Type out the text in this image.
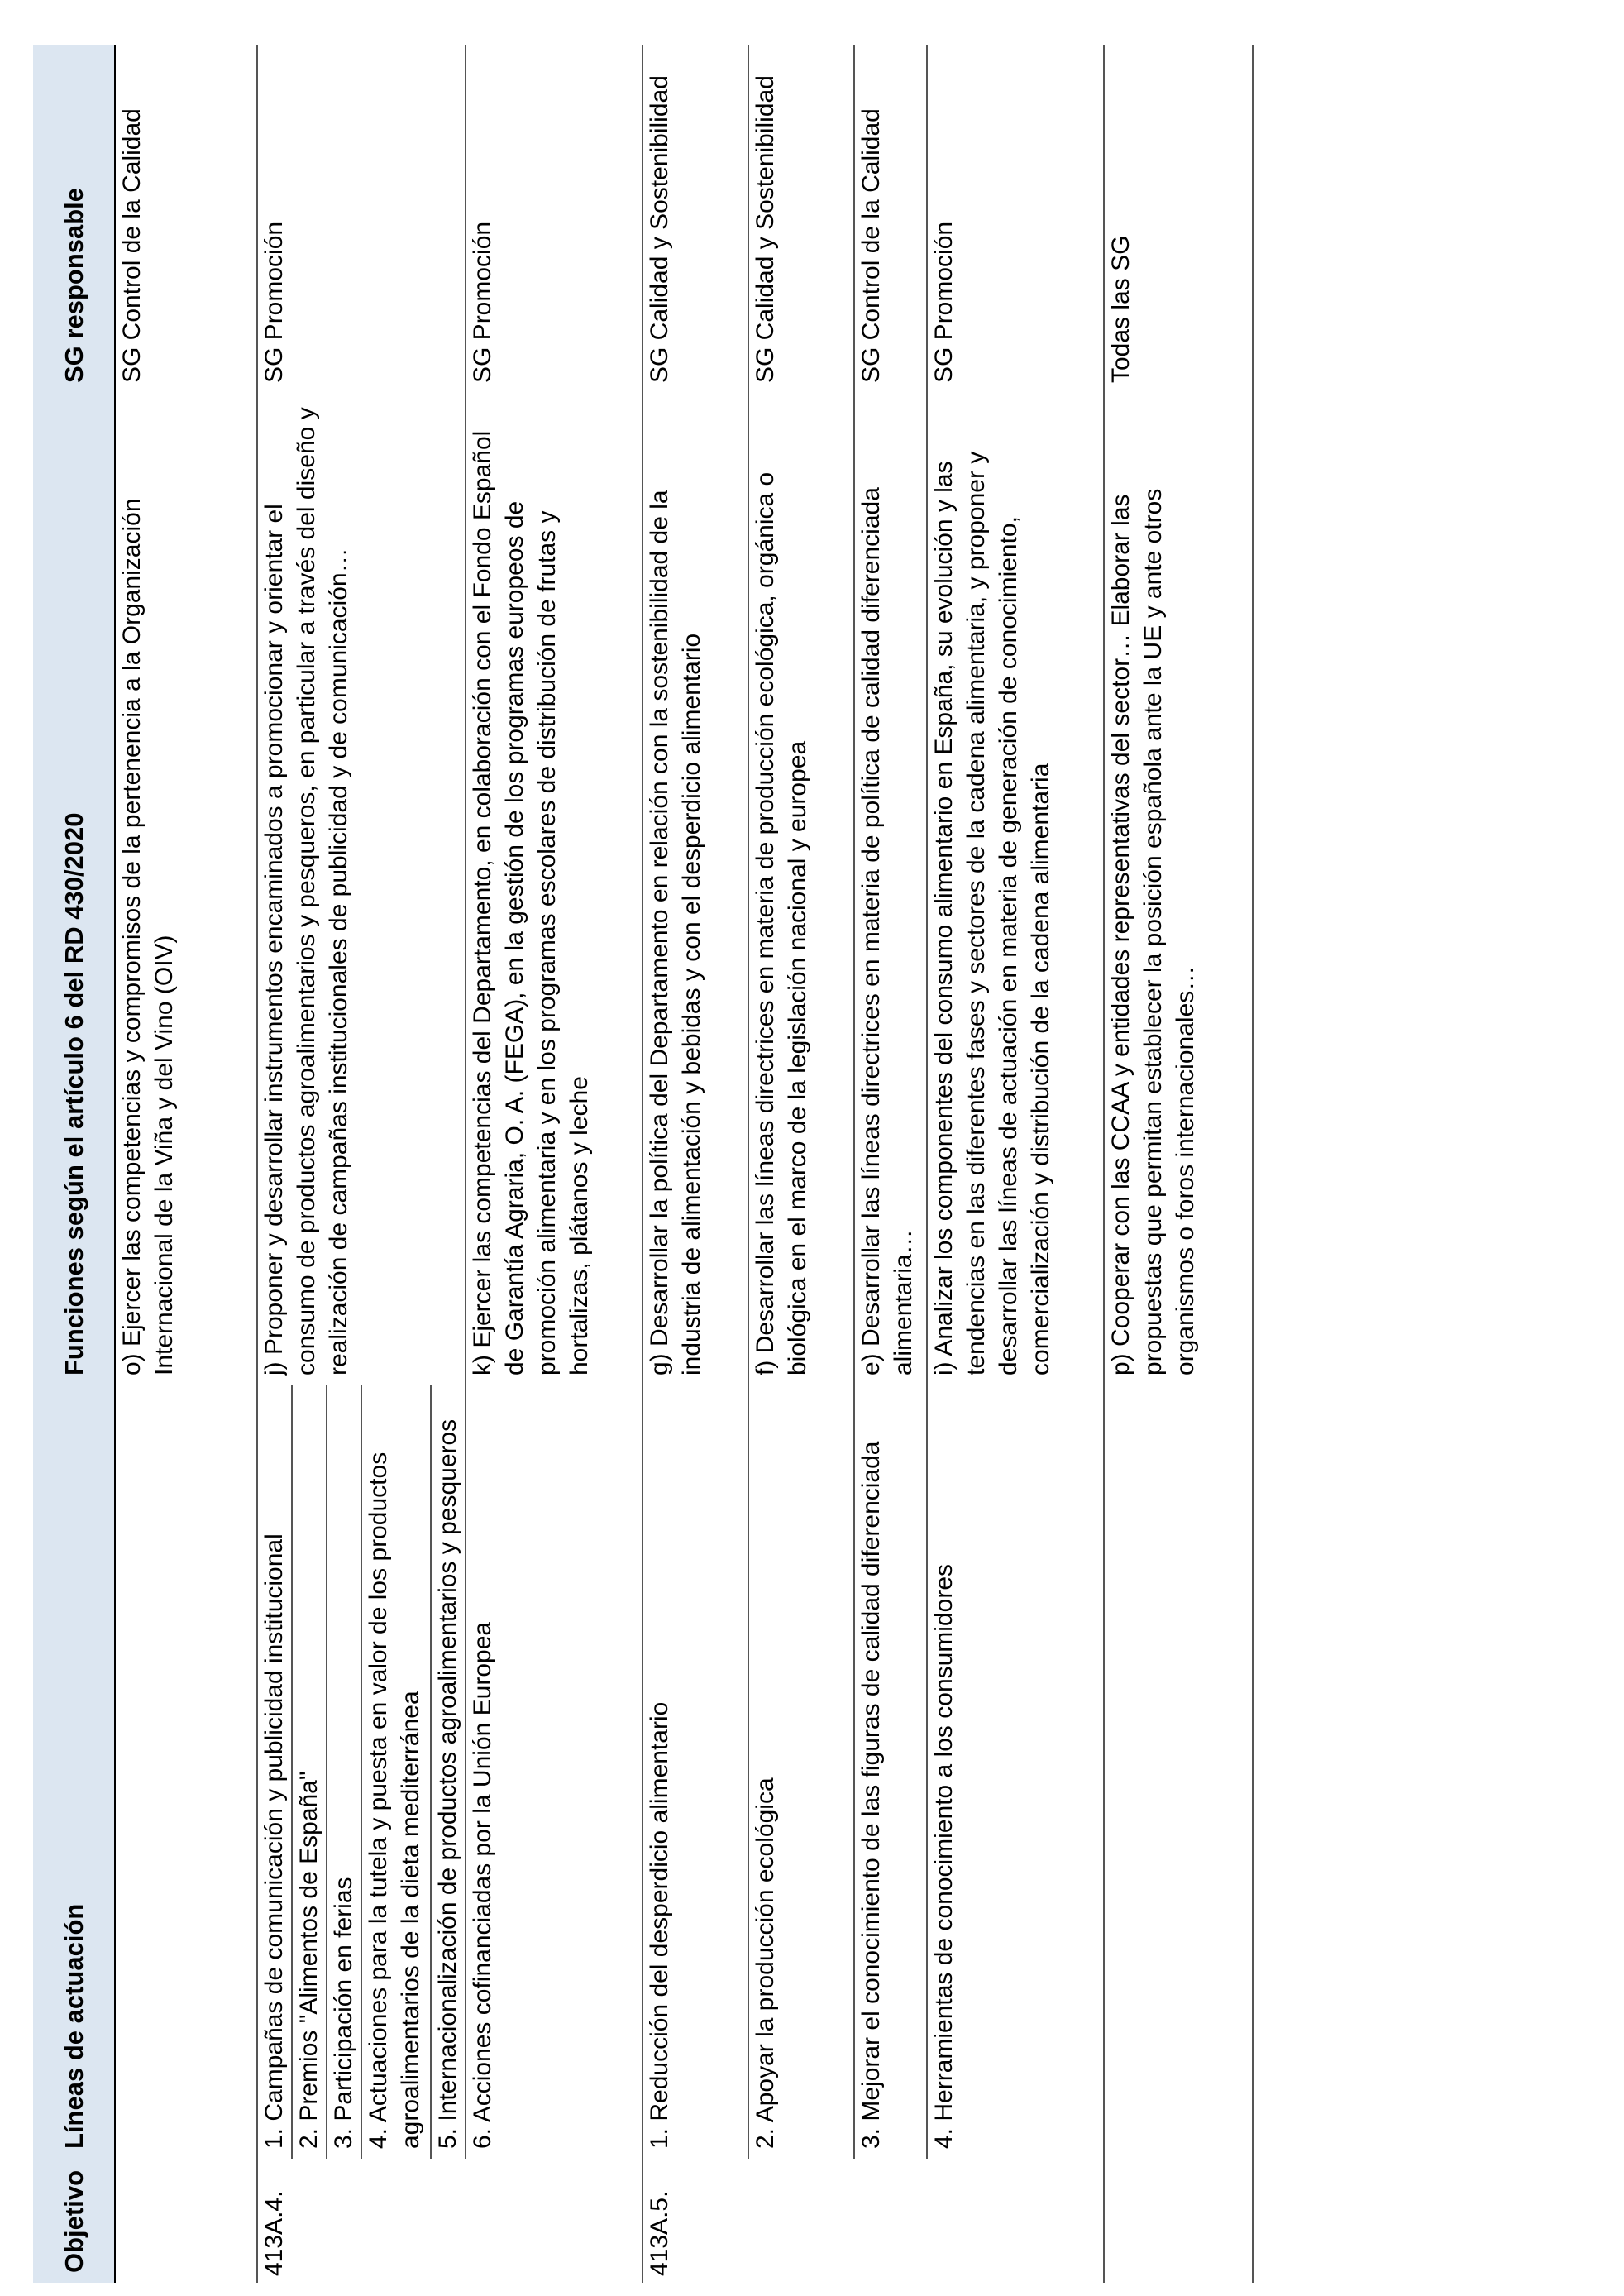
Objetivo	Líneas de actuación	Funciones según el artículo 6 del RD 430/2020	SG responsable
		o) Ejercer las competencias y compromisos de la pertenencia a la Organización Internacional de la Viña y del Vino (OIV)	SG Control de la Calidad
413A.4.	1. Campañas de comunicación y publicidad institucional	j) Proponer y desarrollar instrumentos encaminados a promocionar y orientar el consumo de productos agroalimentarios y pesqueros, en particular a través del diseño y realización de campañas institucionales de publicidad y de comunicación…	SG Promoción
	2. Premios "Alimentos de España"		
	3. Participación en ferias		
	4. Actuaciones para la tutela y puesta en valor de los productos agroalimentarios de la dieta mediterránea		
	5. Internacionalización de productos agroalimentarios y pesqueros		
	6. Acciones cofinanciadas por la Unión Europea	k) Ejercer las competencias del Departamento, en colaboración con el Fondo Español de Garantía Agraria, O. A. (FEGA), en la gestión de los programas europeos de promoción alimentaria y en los programas escolares de distribución de frutas y hortalizas, plátanos y leche	SG Promoción
413A.5.	1. Reducción del desperdicio alimentario	g) Desarrollar la política del Departamento en relación con la sostenibilidad de la industria de alimentación y bebidas y con el desperdicio alimentario	SG Calidad y Sostenibilidad
	2. Apoyar la producción ecológica	f) Desarrollar las líneas directrices en materia de producción ecológica, orgánica o biológica en el marco de la legislación nacional y europea	SG Calidad y Sostenibilidad
	3. Mejorar el conocimiento de las figuras de calidad diferenciada	e) Desarrollar las líneas directrices en materia de política de calidad diferenciada alimentaria…	SG Control de la Calidad
	4. Herramientas de conocimiento a los consumidores	i) Analizar los componentes del consumo alimentario en España, su evolución y las tendencias en las diferentes fases y sectores de la cadena alimentaria, y proponer y desarrollar las líneas de actuación en materia de generación de conocimiento, comercialización y distribución de la cadena alimentaria	SG Promoción
		p) Cooperar con las CCAA y entidades representativas del sector… Elaborar las propuestas que permitan establecer la posición española ante la UE y ante otros organismos o foros internacionales…	Todas las SG
